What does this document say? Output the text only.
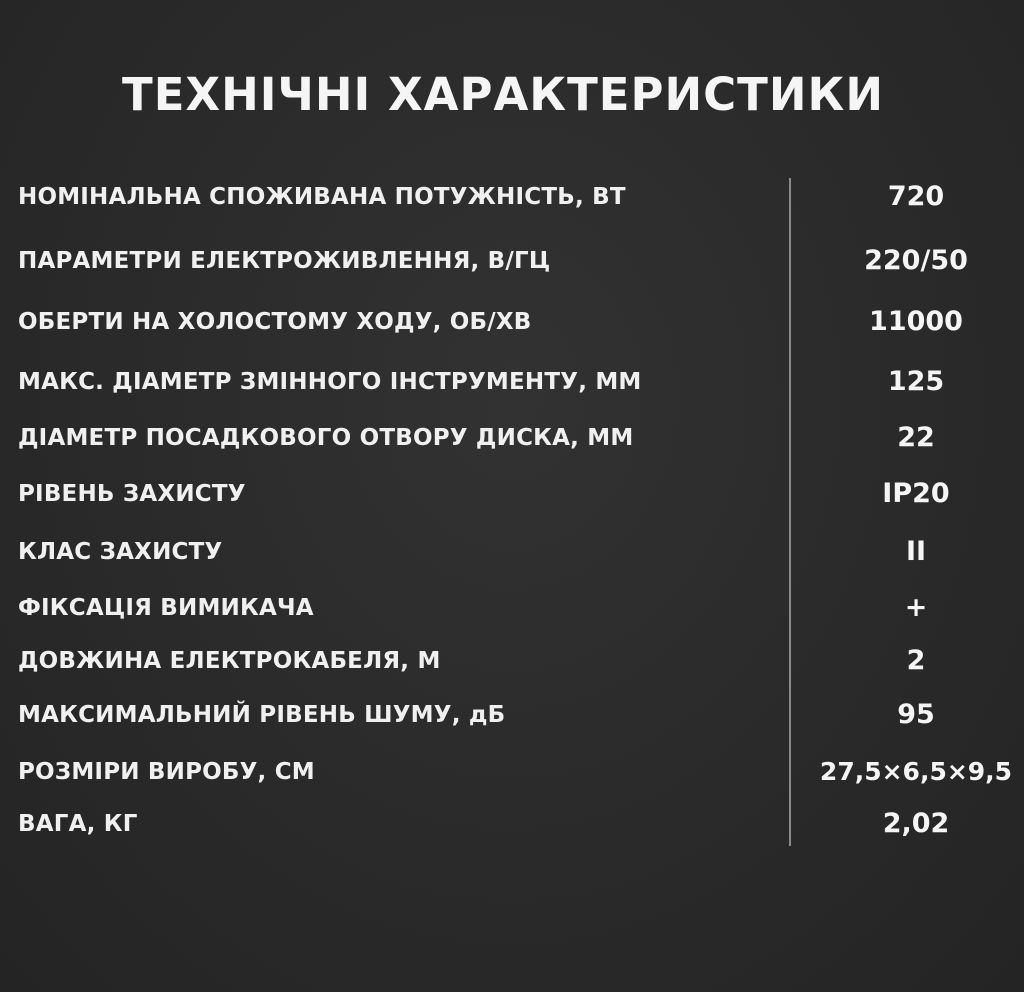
ТЕХНІЧНІ ХАРАКТЕРИСТИКИ
НОМІНАЛЬНА СПОЖИВАНА ПОТУЖНІСТЬ, ВТ	720
ПАРАМЕТРИ ЕЛЕКТРОЖИВЛЕННЯ, В/ГЦ	220/50
ОБЕРТИ НА ХОЛОСТОМУ ХОДУ, ОБ/ХВ	11000
МАКС. ДІАМЕТР ЗМІННОГО ІНСТРУМЕНТУ, ММ	125
ДІАМЕТР ПОСАДКОВОГО ОТВОРУ ДИСКА, ММ	22
РІВЕНЬ ЗАХИСТУ	IP20
КЛАС ЗАХИСТУ	II
ФІКСАЦІЯ ВИМИКАЧА	+
ДОВЖИНА ЕЛЕКТРОКАБЕЛЯ, М	2
МАКСИМАЛЬНИЙ РІВЕНЬ ШУМУ, дБ	95
РОЗМІРИ ВИРОБУ, СМ	27,5×6,5×9,5
ВАГА, КГ	2,02
